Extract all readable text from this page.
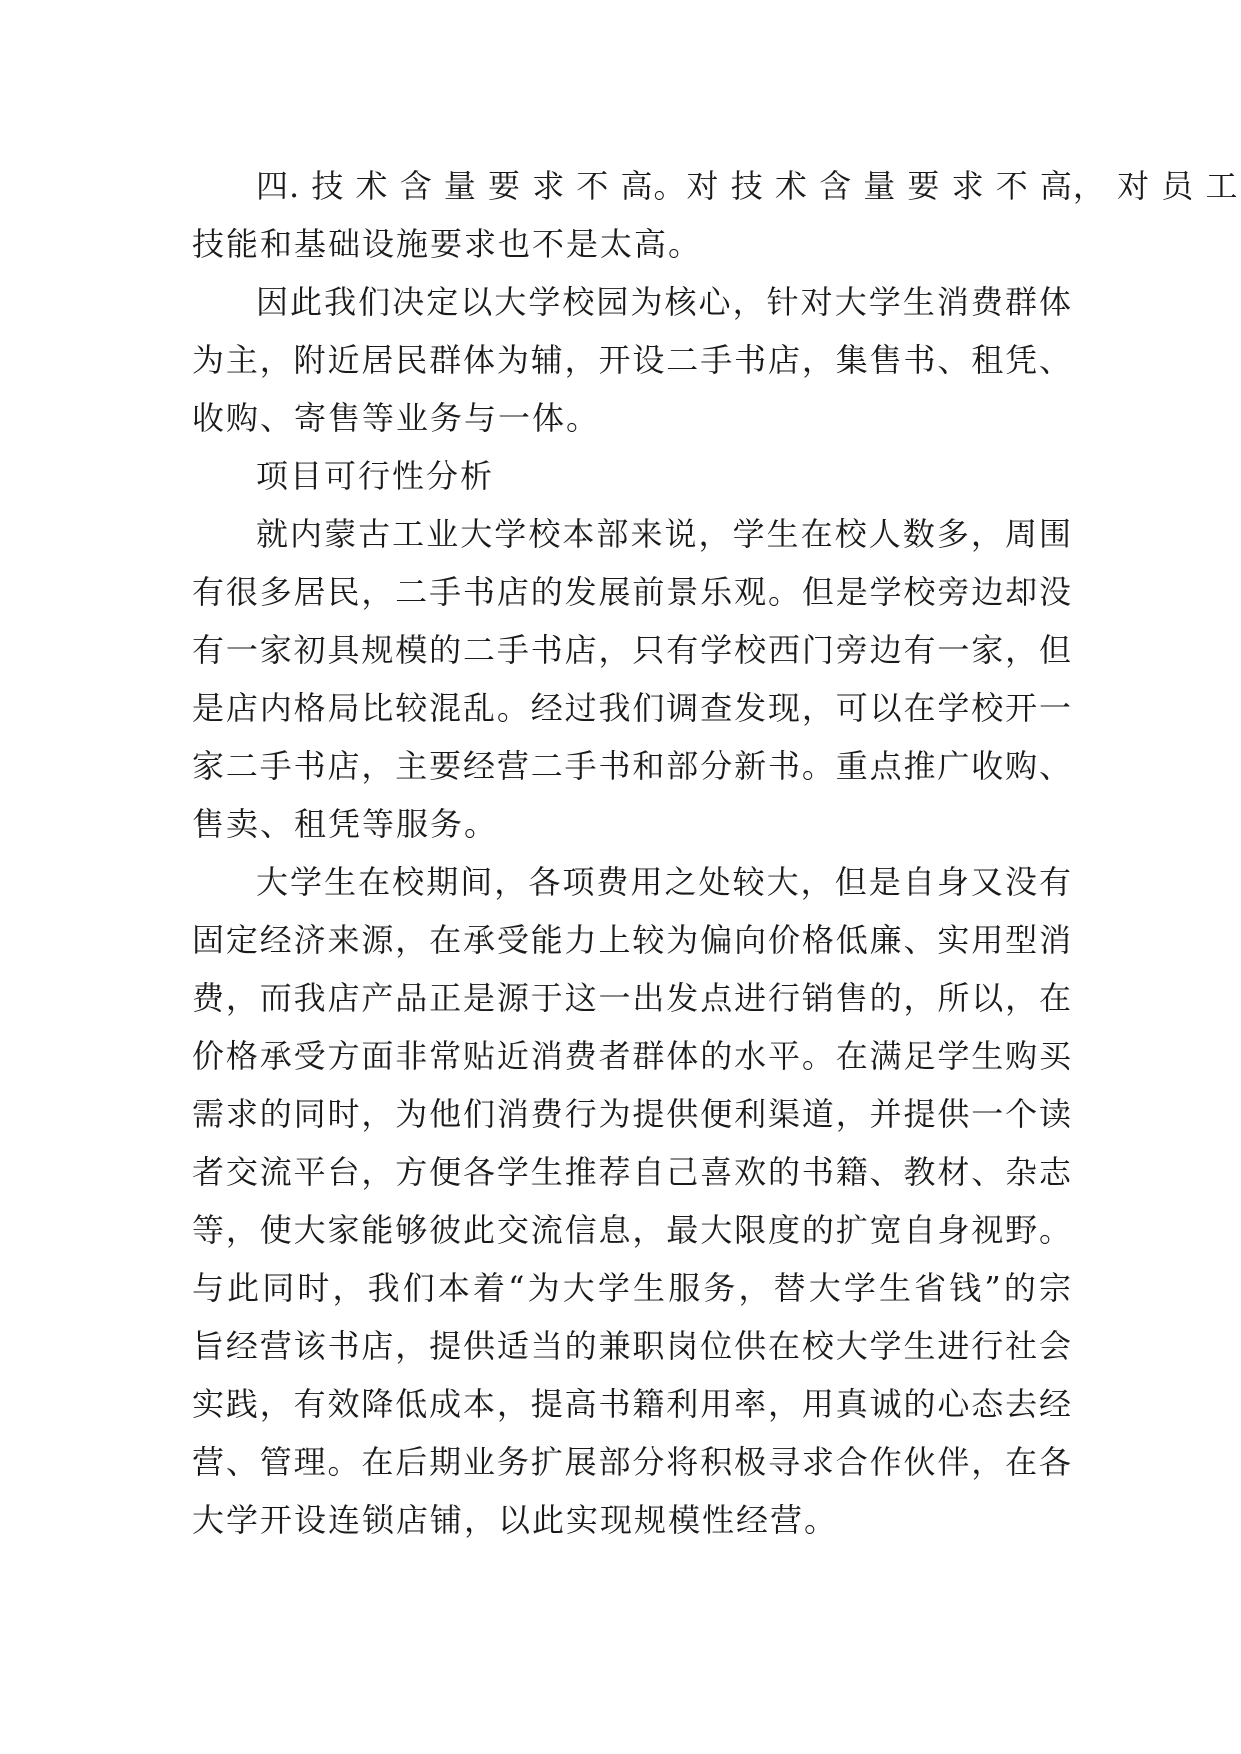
四. 技 术 含 量 要 求 不 高。对 技 术 含 量 要 求 不 高， 对 员 工
技能和基础设施要求也不是太高。
因此我们决定以大学校园为核心，针对大学生消费群体
为主，附近居民群体为辅，开设二手书店，集售书、租凭、
收购、寄售等业务与一体。
项目可行性分析
就内蒙古工业大学校本部来说，学生在校人数多，周围
有很多居民，二手书店的发展前景乐观。但是学校旁边却没
有一家初具规模的二手书店，只有学校西门旁边有一家，但
是店内格局比较混乱。经过我们调查发现，可以在学校开一
家二手书店，主要经营二手书和部分新书。重点推广收购、
售卖、租凭等服务。
大学生在校期间，各项费用之处较大，但是自身又没有
固定经济来源，在承受能力上较为偏向价格低廉、实用型消
费，而我店产品正是源于这一出发点进行销售的，所以，在
价格承受方面非常贴近消费者群体的水平。在满足学生购买
需求的同时，为他们消费行为提供便利渠道，并提供一个读
者交流平台，方便各学生推荐自己喜欢的书籍、教材、杂志
等，使大家能够彼此交流信息，最大限度的扩宽自身视野。
与此同时，我们本着“为大学生服务，替大学生省钱”的宗
旨经营该书店，提供适当的兼职岗位供在校大学生进行社会
实践，有效降低成本，提高书籍利用率，用真诚的心态去经
营、管理。在后期业务扩展部分将积极寻求合作伙伴，在各
大学开设连锁店铺，以此实现规模性经营。
